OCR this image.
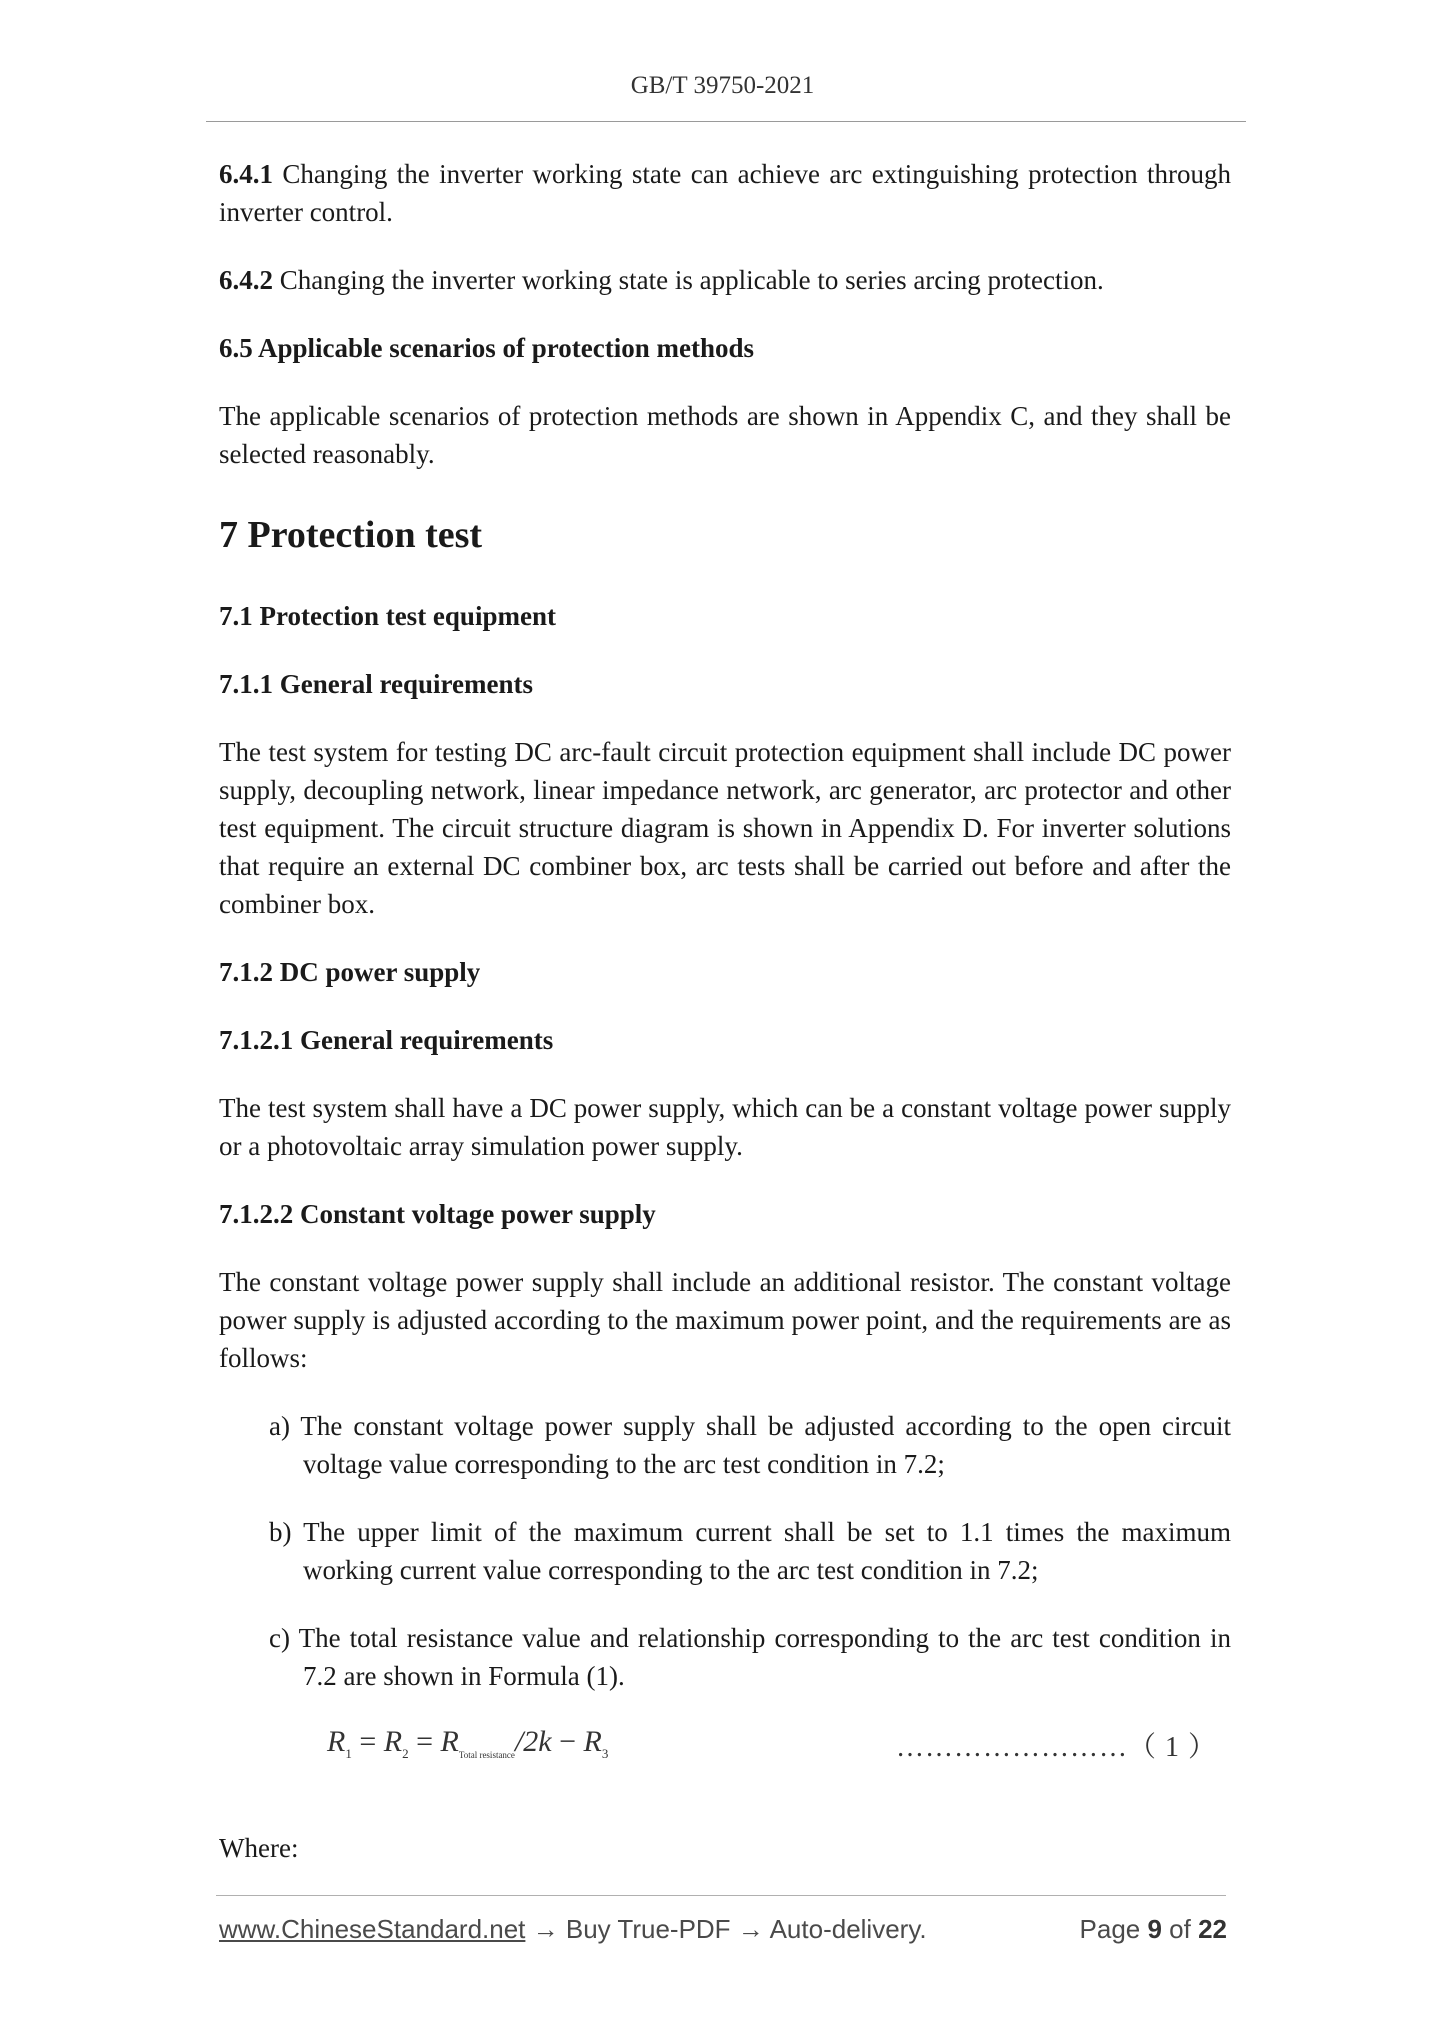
GB/T 39750-2021

6.4.1 Changing the inverter working state can achieve arc extinguishing protection through inverter control.

6.4.2 Changing the inverter working state is applicable to series arcing protection.

6.5 Applicable scenarios of protection methods

The applicable scenarios of protection methods are shown in Appendix C, and they shall be selected reasonably.

7 Protection test
7.1 Protection test equipment
7.1.1 General requirements

The test system for testing DC arc-fault circuit protection equipment shall include DC power supply, decoupling network, linear impedance network, arc generator, arc protector and other test equipment. The circuit structure diagram is shown in Appendix D. For inverter solutions that require an external DC combiner box, arc tests shall be carried out before and after the combiner box.

7.1.2 DC power supply
7.1.2.1 General requirements

The test system shall have a DC power supply, which can be a constant voltage power supply or a photovoltaic array simulation power supply.

7.1.2.2 Constant voltage power supply

The constant voltage power supply shall include an additional resistor. The constant voltage power supply is adjusted according to the maximum power point, and the requirements are as follows:

a) The constant voltage power supply shall be adjusted according to the open circuit voltage value corresponding to the arc test condition in 7.2;
b) The upper limit of the maximum current shall be set to 1.1 times the maximum working current value corresponding to the arc test condition in 7.2;
c) The total resistance value and relationship corresponding to the arc test condition in 7.2 are shown in Formula (1).
$R_1 = R_2 = R_{Total resistance}/2k - R_3$	……………………（ 1 ）

Where:

www.ChineseStandard.net → Buy True-PDF → Auto-delivery.	Page 9 of 22
